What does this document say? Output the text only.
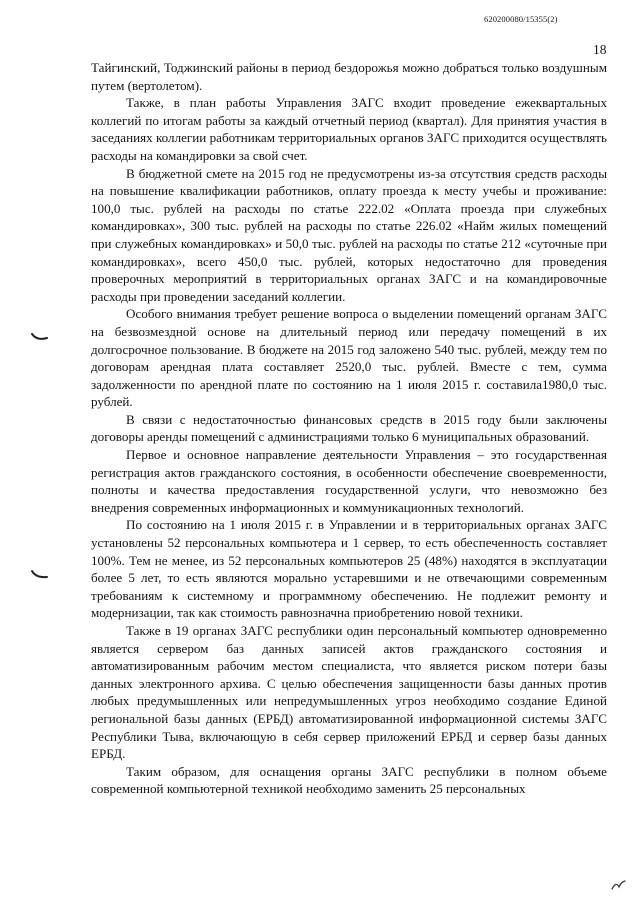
620200080/15355(2)
18

Тайгинский, Тоджинский районы в период бездорожья можно добраться только воздушным путем (вертолетом).

Также, в план работы Управления ЗАГС входит проведение ежеквартальных коллегий по итогам работы за каждый отчетный период (квартал). Для принятия участия в заседаниях коллегии работникам территориальных органов ЗАГС приходится осуществлять расходы на командировки за свой счет.

В бюджетной смете на 2015 год не предусмотрены из-за отсутствия средств расходы на повышение квалификации работников, оплату проезда к месту учебы и проживание: 100,0 тыс. рублей на расходы по статье 222.02 «Оплата проезда при служебных командировках», 300 тыс. рублей на расходы по статье 226.02 «Найм жилых помещений при служебных командировках» и 50,0 тыс. рублей на расходы по статье 212 «суточные при командировках», всего 450,0 тыс. рублей, которых недостаточно для проведения проверочных мероприятий в территориальных органах ЗАГС и на командировочные расходы при проведении заседаний коллегии.

Особого внимания требует решение вопроса о выделении помещений органам ЗАГС на безвозмездной основе на длительный период или передачу помещений в их долгосрочное пользование. В бюджете на 2015 год заложено 540 тыс. рублей, между тем по договорам арендная плата составляет 2520,0 тыс. рублей. Вместе с тем, сумма задолженности по арендной плате по состоянию на 1 июля 2015 г. составила1980,0 тыс. рублей.

В связи с недостаточностью финансовых средств в 2015 году были заключены договоры аренды помещений с администрациями только 6 муниципальных образований.

Первое и основное направление деятельности Управления – это государственная регистрация актов гражданского состояния, в особенности обеспечение своевременности, полноты и качества предоставления государственной услуги, что невозможно без внедрения современных информационных и коммуникационных технологий.

По состоянию на 1 июля 2015 г. в Управлении и в территориальных органах ЗАГС установлены 52 персональных компьютера и 1 сервер, то есть обеспеченность составляет 100%. Тем не менее, из 52 персональных компьютеров 25 (48%) находятся в эксплуатации более 5 лет, то есть являются морально устаревшими и не отвечающими современным требованиям к системному и программному обеспечению. Не подлежит ремонту и модернизации, так как стоимость равнозначна приобретению новой техники.

Также в 19 органах ЗАГС республики один персональный компьютер одновременно является сервером баз данных записей актов гражданского состояния и автоматизированным рабочим местом специалиста, что является риском потери базы данных электронного архива. С целью обеспечения защищенности базы данных против любых предумышленных или непредумышленных угроз необходимо создание Единой региональной базы данных (ЕРБД) автоматизированной информационной системы ЗАГС Республики Тыва, включающую в себя сервер приложений ЕРБД и сервер базы данных ЕРБД.

Таким образом, для оснащения органы ЗАГС республики в полном объеме современной компьютерной техникой необходимо заменить 25 персональных
